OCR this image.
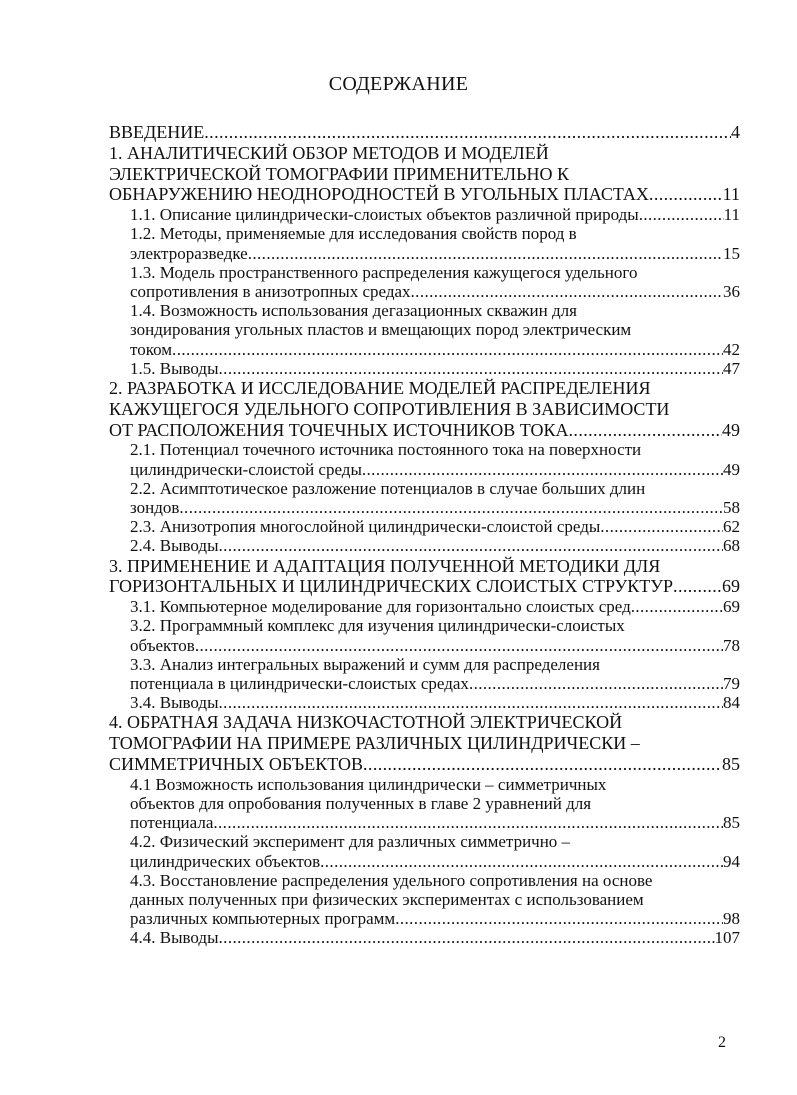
СОДЕРЖАНИЕ
ВВЕДЕНИЕ .....	4
1. АНАЛИТИЧЕСКИЙ ОБЗОР МЕТОДОВ И МОДЕЛЕЙ
ЭЛЕКТРИЧЕСКОЙ ТОМОГРАФИИ ПРИМЕНИТЕЛЬНО К
ОБНАРУЖЕНИЮ НЕОДНОРОДНОСТЕЙ В УГОЛЬНЫХ ПЛАСТАХ .....	11
1.1. Описание цилиндрически-слоистых объектов различной природы .....	11
1.2. Методы, применяемые для исследования свойств пород в
электроразведке .....	15
1.3. Модель пространственного распределения кажущегося удельного
сопротивления в анизотропных средах .....	36
1.4. Возможность использования дегазационных скважин для
зондирования угольных пластов и вмещающих пород электрическим
током .....	42
1.5. Выводы .....	47
2. РАЗРАБОТКА И ИССЛЕДОВАНИЕ МОДЕЛЕЙ РАСПРЕДЕЛЕНИЯ
КАЖУЩЕГОСЯ УДЕЛЬНОГО СОПРОТИВЛЕНИЯ В ЗАВИСИМОСТИ
ОТ РАСПОЛОЖЕНИЯ ТОЧЕЧНЫХ ИСТОЧНИКОВ ТОКА .....	49
2.1. Потенциал точечного источника постоянного тока на поверхности
цилиндрически-слоистой среды .....	49
2.2. Асимптотическое разложение потенциалов в случае больших длин
зондов .....	58
2.3. Анизотропия многослойной цилиндрически-слоистой среды .....	62
2.4. Выводы .....	68
3. ПРИМЕНЕНИЕ И АДАПТАЦИЯ ПОЛУЧЕННОЙ МЕТОДИКИ ДЛЯ
ГОРИЗОНТАЛЬНЫХ И ЦИЛИНДРИЧЕСКИХ СЛОИСТЫХ СТРУКТУР .....	69
3.1. Компьютерное моделирование для горизонтально слоистых сред .....	69
3.2. Программный комплекс для изучения цилиндрически-слоистых
объектов .....	78
3.3. Анализ интегральных выражений и сумм для распределения
потенциала в цилиндрически-слоистых средах .....	79
3.4. Выводы .....	84
4. ОБРАТНАЯ ЗАДАЧА НИЗКОЧАСТОТНОЙ ЭЛЕКТРИЧЕСКОЙ
ТОМОГРАФИИ НА ПРИМЕРЕ РАЗЛИЧНЫХ ЦИЛИНДРИЧЕСКИ –
СИММЕТРИЧНЫХ ОБЪЕКТОВ .....	85
4.1 Возможность использования цилиндрически – симметричных
объектов для опробования полученных в главе 2 уравнений для
потенциала .....	85
4.2. Физический эксперимент для различных симметрично –
цилиндрических объектов .....	94
4.3. Восстановление распределения удельного сопротивления на основе
данных полученных при физических экспериментах с использованием
различных компьютерных программ .....	98
4.4. Выводы .....	107
2
